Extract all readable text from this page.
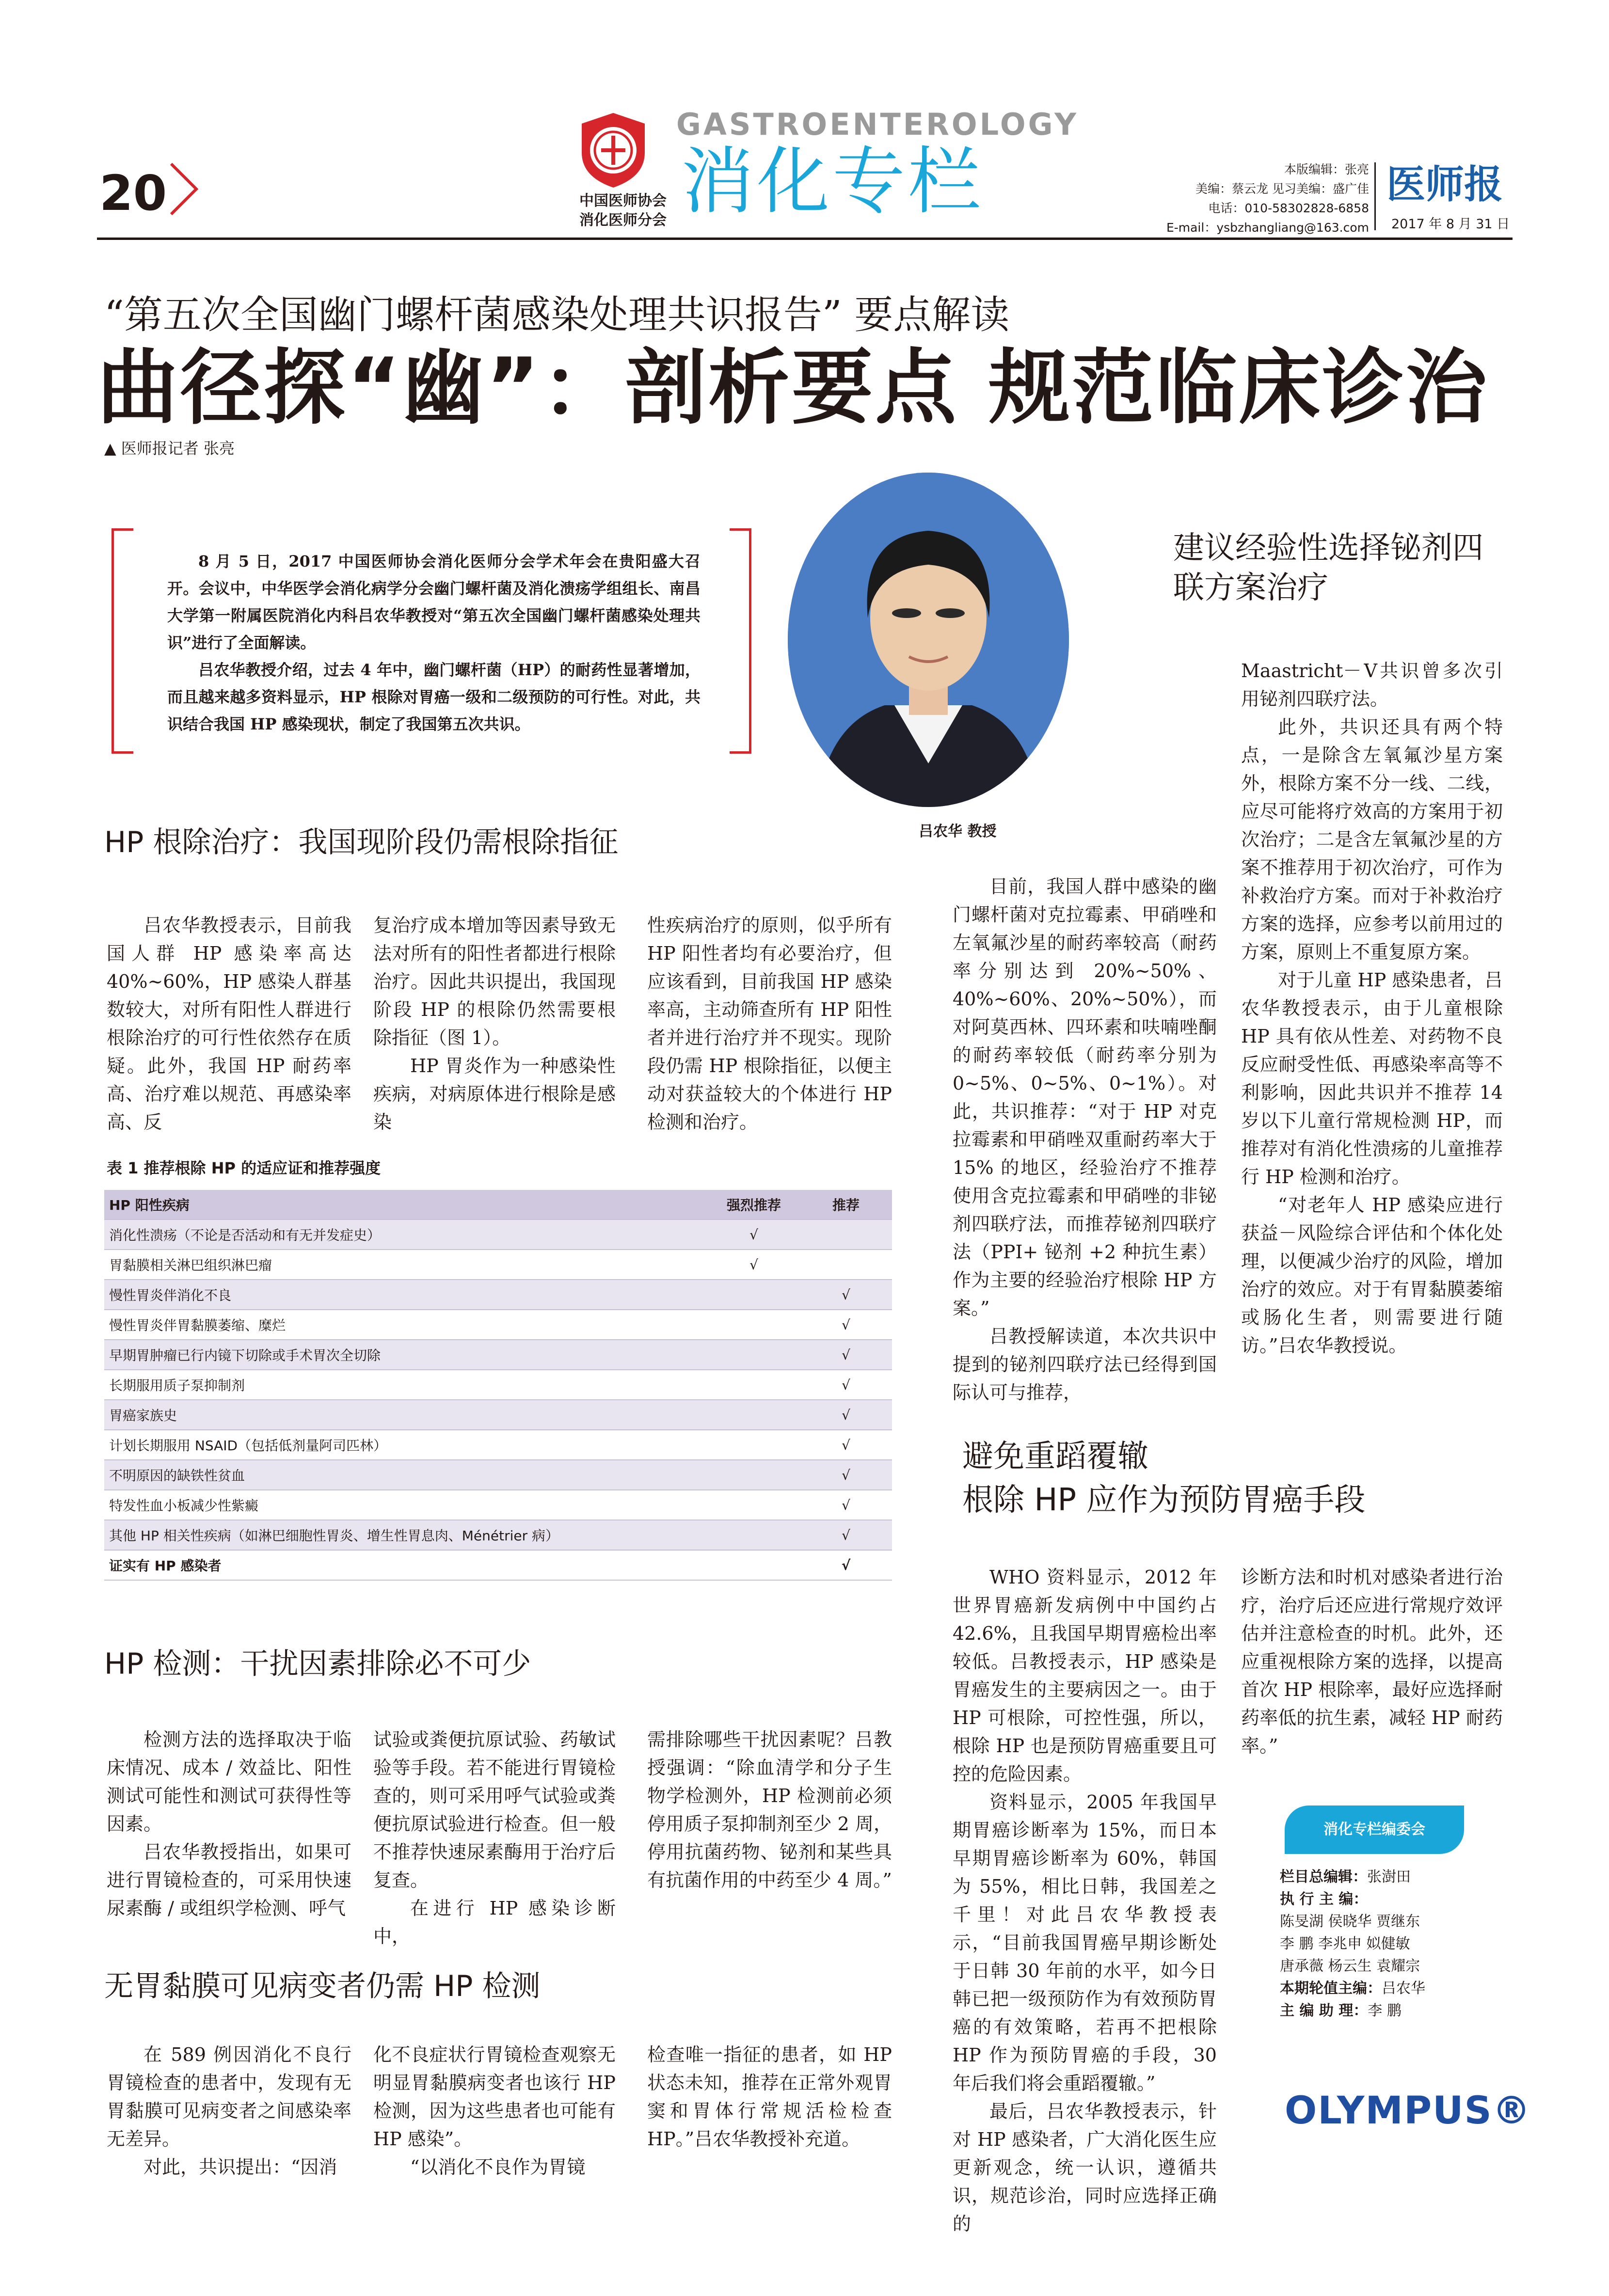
20	中国医师协会
消化医师分会
GASTROENTEROLOGY
消化专栏	本版编辑：张亮
美编：蔡云龙 见习美编：盛广佳
电话：010-58302828-6858
E-mail：ysbzhangliang@163.com
医师报
2017 年 8 月 31 日
“第五次全国幽门螺杆菌感染处理共识报告” 要点解读
曲径探“幽”：剖析要点 规范临床诊治
▲ 医师报记者 张亮

8 月 5 日，2017 中国医师协会消化医师分会学术年会在贵阳盛大召开。会议中，中华医学会消化病学分会幽门螺杆菌及消化溃疡学组组长、南昌大学第一附属医院消化内科吕农华教授对“第五次全国幽门螺杆菌感染处理共识”进行了全面解读。

吕农华教授介绍，过去 4 年中，幽门螺杆菌（HP）的耐药性显著增加，而且越来越多资料显示，HP 根除对胃癌一级和二级预防的可行性。对此，共识结合我国 HP 感染现状，制定了我国第五次共识。

吕农华 教授
HP 根除治疗：我国现阶段仍需根除指征

吕农华教授表示，目前我国人群 HP 感染率高达 40%~60%，HP 感染人群基数较大，对所有阳性人群进行根除治疗的可行性依然存在质疑。此外，我国 HP 耐药率高、治疗难以规范、再感染率高、反

复治疗成本增加等因素导致无法对所有的阳性者都进行根除治疗。因此共识提出，我国现阶段 HP 的根除仍然需要根除指征（图 1）。

HP 胃炎作为一种感染性疾病，对病原体进行根除是感染

性疾病治疗的原则，似乎所有 HP 阳性者均有必要治疗，但应该看到，目前我国 HP 感染率高，主动筛查所有 HP 阳性者并进行治疗并不现实。现阶段仍需 HP 根除指征，以便主动对获益较大的个体进行 HP 检测和治疗。

建议经验性选择铋剂四联方案治疗

目前，我国人群中感染的幽门螺杆菌对克拉霉素、甲硝唑和左氧氟沙星的耐药率较高（耐药率分别达到 20%~50%、40%~60%、20%~50%），而对阿莫西林、四环素和呋喃唑酮的耐药率较低（耐药率分别为 0~5%、0~5%、0~1%）。对此，共识推荐：“对于 HP 对克拉霉素和甲硝唑双重耐药率大于 15% 的地区，经验治疗不推荐使用含克拉霉素和甲硝唑的非铋剂四联疗法，而推荐铋剂四联疗法（PPI+ 铋剂 +2 种抗生素）作为主要的经验治疗根除 HP 方案。”

吕教授解读道，本次共识中提到的铋剂四联疗法已经得到国际认可与推荐，

Maastricht－Ⅴ共识曾多次引用铋剂四联疗法。

此外，共识还具有两个特点，一是除含左氧氟沙星方案外，根除方案不分一线、二线，应尽可能将疗效高的方案用于初次治疗；二是含左氧氟沙星的方案不推荐用于初次治疗，可作为补救治疗方案。而对于补救治疗方案的选择，应参考以前用过的方案，原则上不重复原方案。

对于儿童 HP 感染患者，吕农华教授表示，由于儿童根除 HP 具有依从性差、对药物不良反应耐受性低、再感染率高等不利影响，因此共识并不推荐 14 岁以下儿童行常规检测 HP，而推荐对有消化性溃疡的儿童推荐行 HP 检测和治疗。

“对老年人 HP 感染应进行获益－风险综合评估和个体化处理，以便减少治疗的风险，增加治疗的效应。对于有胃黏膜萎缩或肠化生者，则需要进行随访。”吕农华教授说。

表 1 推荐根除 HP 的适应证和推荐强度
HP 阳性疾病	强烈推荐	推荐
消化性溃疡（不论是否活动和有无并发症史）	√	
胃黏膜相关淋巴组织淋巴瘤	√	
慢性胃炎伴消化不良		√
慢性胃炎伴胃黏膜萎缩、糜烂		√
早期胃肿瘤已行内镜下切除或手术胃次全切除		√
长期服用质子泵抑制剂		√
胃癌家族史		√
计划长期服用 NSAID（包括低剂量阿司匹林）		√
不明原因的缺铁性贫血		√
特发性血小板减少性紫癜		√
其他 HP 相关性疾病（如淋巴细胞性胃炎、增生性胃息肉、Ménétrier 病）		√
证实有 HP 感染者		√
避免重蹈覆辙
根除 HP 应作为预防胃癌手段

WHO 资料显示，2012 年世界胃癌新发病例中中国约占 42.6%，且我国早期胃癌检出率较低。吕教授表示，HP 感染是胃癌发生的主要病因之一。由于 HP 可根除，可控性强，所以，根除 HP 也是预防胃癌重要且可控的危险因素。

资料显示，2005 年我国早期胃癌诊断率为 15%，而日本早期胃癌诊断率为 60%，韩国为 55%，相比日韩，我国差之千里！对此吕农华教授表示，“目前我国胃癌早期诊断处于日韩 30 年前的水平，如今日韩已把一级预防作为有效预防胃癌的有效策略，若再不把根除 HP 作为预防胃癌的手段，30 年后我们将会重蹈覆辙。”

最后，吕农华教授表示，针对 HP 感染者，广大消化医生应更新观念，统一认识，遵循共识，规范诊治，同时应选择正确的

诊断方法和时机对感染者进行治疗，治疗后还应进行常规疗效评估并注意检查的时机。此外，还应重视根除方案的选择，以提高首次 HP 根除率，最好应选择耐药率低的抗生素，减轻 HP 耐药率。”

HP 检测：干扰因素排除必不可少

检测方法的选择取决于临床情况、成本 / 效益比、阳性测试可能性和测试可获得性等因素。

吕农华教授指出，如果可进行胃镜检查的，可采用快速尿素酶 / 或组织学检测、呼气

试验或粪便抗原试验、药敏试验等手段。若不能进行胃镜检查的，则可采用呼气试验或粪便抗原试验进行检查。但一般不推荐快速尿素酶用于治疗后复查。

在进行 HP 感染诊断中，

需排除哪些干扰因素呢？吕教授强调：“除血清学和分子生物学检测外，HP 检测前必须停用质子泵抑制剂至少 2 周，停用抗菌药物、铋剂和某些具有抗菌作用的中药至少 4 周。”

无胃黏膜可见病变者仍需 HP 检测

在 589 例因消化不良行胃镜检查的患者中，发现有无胃黏膜可见病变者之间感染率无差异。

对此，共识提出：“因消

化不良症状行胃镜检查观察无明显胃黏膜病变者也该行 HP 检测，因为这些患者也可能有 HP 感染”。

“以消化不良作为胃镜

检查唯一指征的患者，如 HP 状态未知，推荐在正常外观胃窦和胃体行常规活检检查 HP。”吕农华教授补充道。

消化专栏编委会
栏目总编辑：张澍田
执 行 主 编：
陈旻湖 侯晓华 贾继东
李 鹏 李兆申 姒健敏
唐承薇 杨云生 袁耀宗
本期轮值主编：吕农华
主 编 助 理：李 鹏
OLYMPUS®
